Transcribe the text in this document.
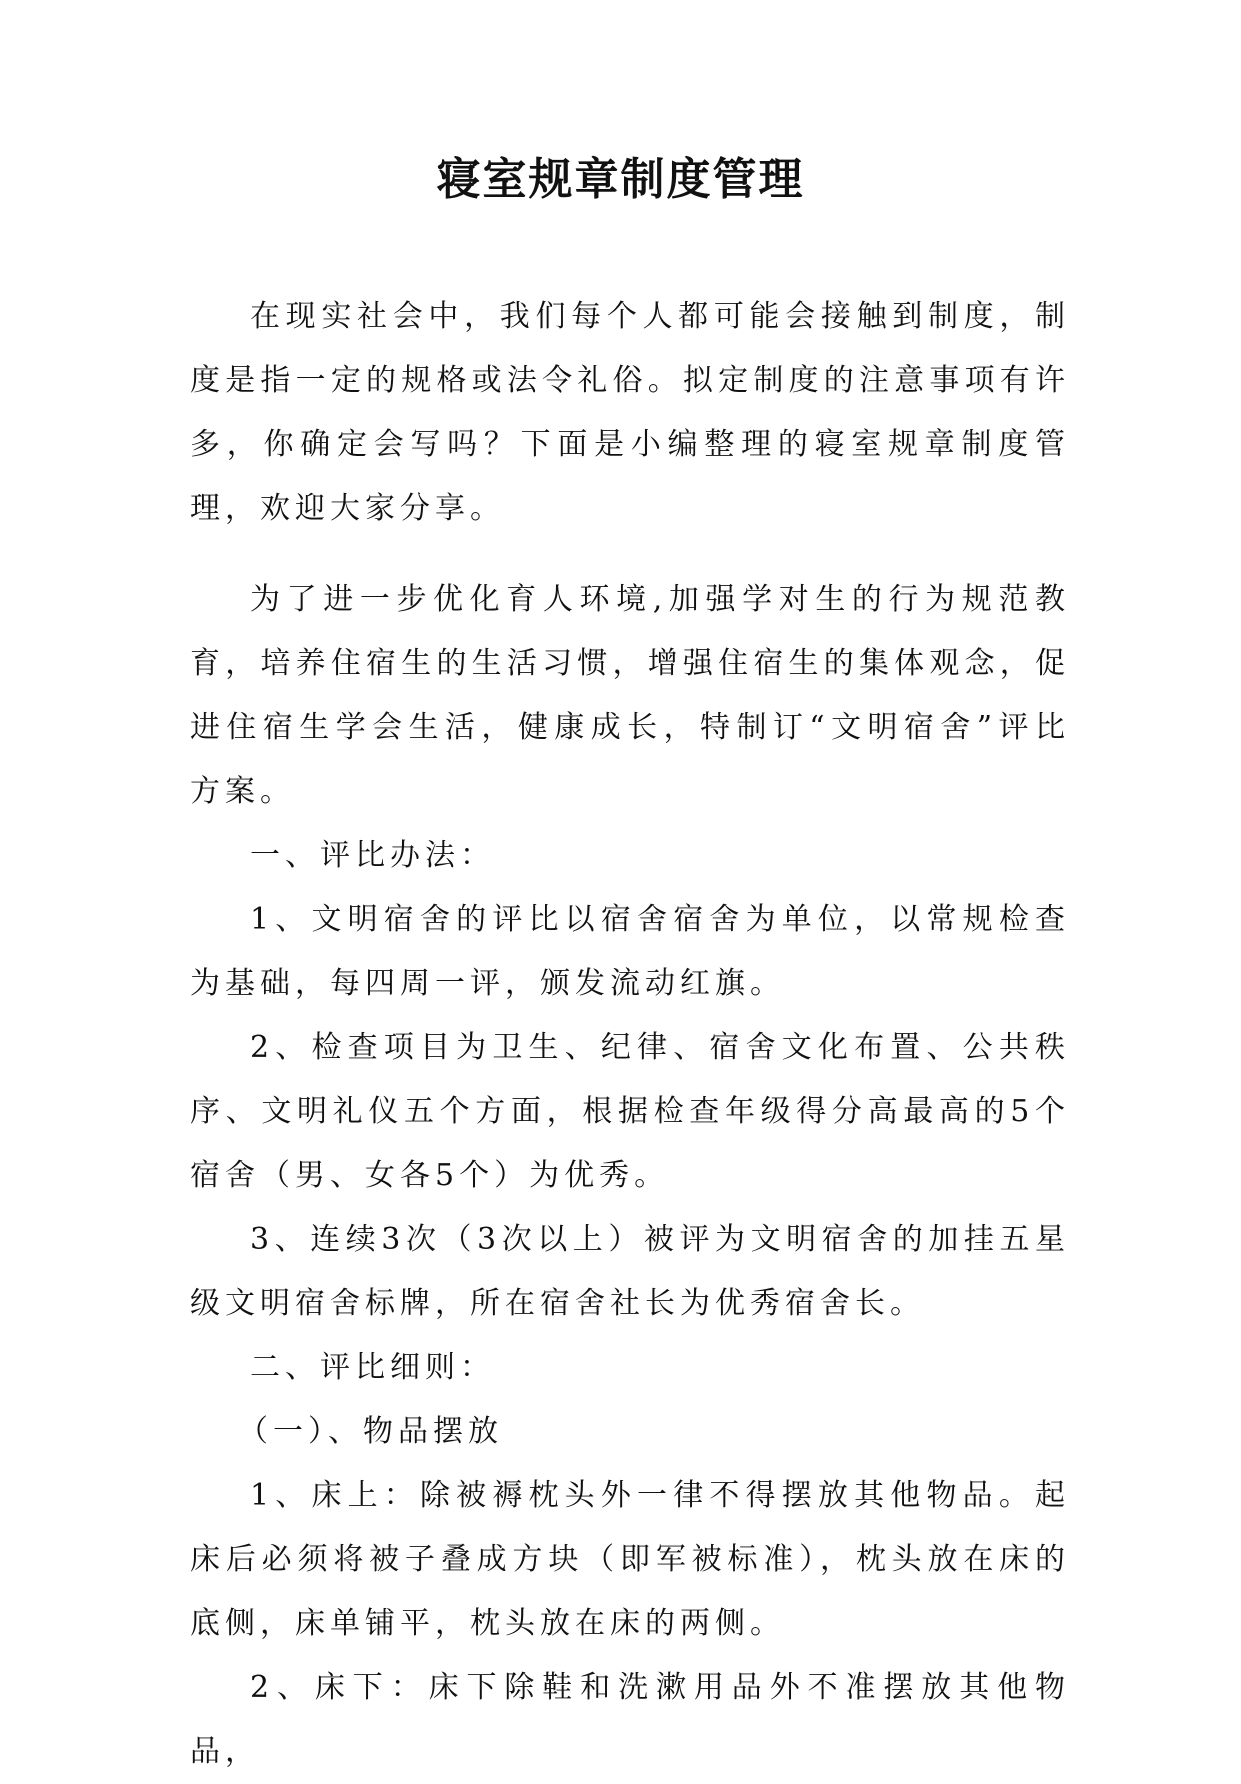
寝室规章制度管理

在现实社会中，我们每个人都可能会接触到制度，制度是指一定的规格或法令礼俗。拟定制度的注意事项有许多，你确定会写吗？下面是小编整理的寝室规章制度管理，欢迎大家分享。

为了进一步优化育人环境,加强学对生的行为规范教育，培养住宿生的生活习惯，增强住宿生的集体观念，促进住宿生学会生活，健康成长，特制订“文明宿舍”评比方案。

一、评比办法：

1、文明宿舍的评比以宿舍宿舍为单位，以常规检查为基础，每四周一评，颁发流动红旗。

2、检查项目为卫生、纪律、宿舍文化布置、公共秩序、文明礼仪五个方面，根据检查年级得分高最高的5个宿舍（男、女各5个）为优秀。

3、连续3次（3次以上）被评为文明宿舍的加挂五星级文明宿舍标牌，所在宿舍社长为优秀宿舍长。

二、评比细则：

（一）、物品摆放

1、床上：除被褥枕头外一律不得摆放其他物品。起床后必须将被子叠成方块（即军被标准），枕头放在床的底侧，床单铺平，枕头放在床的两侧。

2、床下：床下除鞋和洗漱用品外不准摆放其他物品，
